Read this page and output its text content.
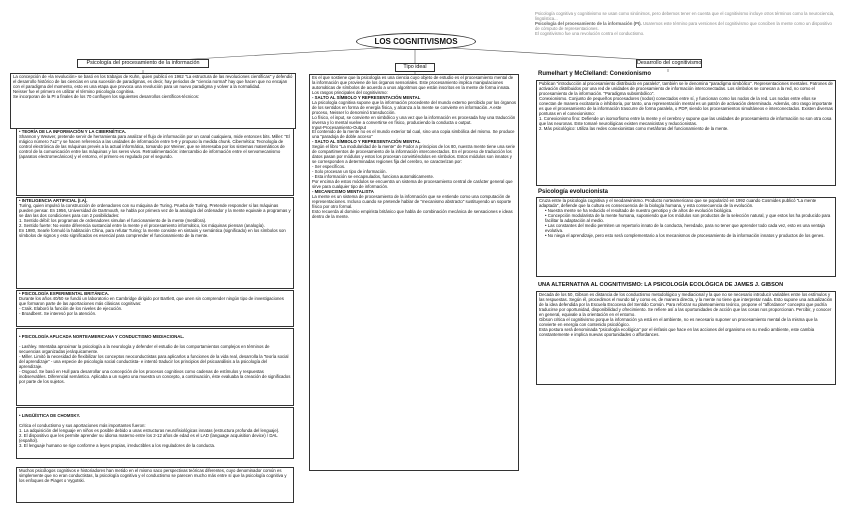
Psicología cognitiva y cognitivismo se usan como sinónimos, pero debemos tener en cuenta que el cognitivismo incluye otros términos como la neurociencia, lingüística...

Psicología del procesamiento de la información (PI). Usaremos este término para versiones del cognitivismo que conciben la mente como un dispositivo de cómputo de representaciones.

El cognitivismo fue una revolución contra el conductismo.

LOS COGNITIVISMOS
Psicología del procesamiento de la información
Tipo ideal
Desarrollo del cognitivismo

La concepción de «la revolución» se basó en los trabajos de Kuhn, quien publicó en 1962 "La estructura de las revoluciones científicas" y defendió el desarrollo histórico de las ciencias en una sucesión de paradigmas, es decir, hay periodos de "ciencia normal" hay que hacen que no encajan con el paradigma del momento, esto es una etapa que provoca una revolución para un nuevo paradigma y volver a la normalidad.

Neisser fue el primero en utilizar el término psicología cognitiva.

Se incorporan de la PI a finales de los 70 confluyen los siguientes desarrollos científicos-técnicos:

• TEORÍA DE LA INFORMACIÓN Y LA CIBERNÉTICA.

Shannon y Weaver, pretende servir de herramienta para analizar el flujo de información por un canal cualquiera, mide entonces bits. Miller: "El mágico número 7±2" y se hacen referencia a las unidades de información entre 5-9 y propuso la medida chunk. Cibernética: Tecnología de control electrónica de las máquinas prevés a la actual informática, tomando por Weiner, que se interesaba por los sistemas matemáticos de control de la comunicación entre las máquinas y los seres vivos. Retroalimentación: intercambio de información entre el servomecanismo (aparatos electromecánicos) y el entorno, el primero es regulado por el segundo.

• INTELIGENCIA ARTIFICIAL (I.A).

Turing, quien impulsó la construcción de ordenadores con su máquina de Turing. Prueba de Turing. Pretende responder si las máquinas pueden pensar. En 1956, Universidad de Dartmouth, se habla por primera vez de la analogía del ordenador y la mente equivale a programas y se dan las dos condiciones para con 2 posibilidades:

1. Sentido débil: los programas de ordenadores simulan el funcionamiento de la mente (metáfora).

2. Sentido fuerte: No existe diferencia sustancial entre la mente y el procesamiento informático, los máquinas piensan (analogía).

En 1980, Searle formuló la habitación China, para refutar Turing: la mente consiste en sintaxis y semántica (significado) en los símbolos son símbolos de signos y esto significados es esencial para comprender el funcionamiento de la mente.

• PSICOLOGÍA EXPERIMENTAL BRITÁNICA.

Durante los años 40/50 se fundó un laboratorio en Cambridge dirigido por Bartlett, que unen sin comprender ningún tipo de investigaciones que formaron parte de las aportaciones más clásicas cognitivas:

- Craik. Elaboró la función de los niveles de ejecución.

- Broadbent. Se interesó por la atención.

• PSICOLOGÍA APLICADA NORTEAMERICANA Y CONDUCTISMO MEDIACIONAL.

- Lashley. Intentaba aproximar la psicología a la neurología y defender el estudio de los comportamientos complejos en términos de secuencias organizadas jerárquicamente.
- Miller. Limitó la necesidad de flexibilizar los conceptos neoconductistas para aplicarlos a funciones de la vida real, desarrolla la "teoría social del aprendizaje" - una especie de psicología social conductista- e intentó traducir los principios del psicoanálisis a la psicología del aprendizaje.
- Osgood. Se basó en Hull para desarrollar una concepción de los procesos cognitivos como cadenas de estímulos y respuestas inobservables. Diferencial semántico. Aplicaba a un sujeto una muestra un concepto, a continuación, éste evaluaba la creación de significados por parte de los sujetos.

• LINGÜÍSTICA DE CHOMSKY.

Critica el conductismo y sus aportaciones más importantes fueron:
1. La adquisición del lenguaje en niños es posible debido a unas estructuras neurofisiológicas innatas (estructura profunda del lenguaje).
2. El dispositivo que les permite aprender su idioma materno entre los 2-12 años de edad es el LAD (language acquisition device) / DAL (español).
3. El lenguaje humano se rige conforme a leyes propias, irreductibles a los reguladores de la conducta.

Muchos psicólogos cognitivos e historiadores han metido en el mismo saco perspectivas teóricas diferentes, cuyo denominador común es simplemente que no eran conductistas, la psicología cognitiva y el conductismo se parecen mucho más entre sí que la psicología cognitiva y los enfoques de Piaget o Vygotski.

Es el que sostiene que la psicología es una ciencia cuyo objeto de estudio es el procesamiento mental de la información que proviene de los órganos sensoriales. Este procesamiento implica manipulaciones automáticas de símbolos de acuerdo a unos algoritmos que están inscritos en la mente de forma innata.

Los rasgos principales del cognitivismo:

- SALTO AL SÍMBOLO Y REPRESENTACIÓN MENTAL

La psicología cognitiva supone que la información procedente del mundo externo percibido por los órganos de los sentidos en forma de energía física, y alcanza a la mente se convierte en información. A este proceso, Neisser lo denominó transducción.

Lo físico, el input, se convierte en simbólico y una vez que la información es procesada hay una traducción inversa y lo mental vuelve a convertirse en físico, produciendo la conducta o output.

Input-Procesamiento-Output

El contenido de la mente no es el mundo exterior tal cual, sino una copia simbólica del mismo. Se produce una "paradoja de doble acceso"

- SALTO AL SÍMBOLO Y REPRESENTACIÓN MENTAL

Según el libro "La modularidad de la mente" de Fodor a principios de los 80, nuestra mente tiene una serie de compartimentos de procesamiento de la información interconectados. En el proceso de traducción los datos pasan por módulos y estos los procesan convirtiéndolos en símbolos. Estos módulos son innatos y se corresponden a determinadas regiones fija del cerebro, se caracterizan por:

- Ser específicos.

- Solo procesan un tipo de información.

- Esta información se encapsulados, funciona automáticamente.

Por encima de estos módulos se encuentra un sistema de procesamiento central de carácter general que sirve para cualquier tipo de información.

- MECANICISMO MENTALISTA

La mente es un sistema de procesamiento de la información que se entiende como una computación de representaciones. Incluso cuando se pretende hablar de "mecanismo abstracto" sustituyendo un soporte físico por otro formal.

Esto recuerda al dominio empirista británico que habla de combinación mecánica de sensaciones e ideas dentro de la mente.

Rumelhart y McClelland: Conexionismo

Publican "introducción al procesamiento distribuido en paralelo", también se le denomina "paradigma simbólico". Representaciones mentales. Patrones de activación distribuidos por una red de unidades de procesamiento de información interconectadas. Los símbolos se conecan a la red, no como el procesamiento de la información. "Paradigma subsimbólico".

Conexionismo. Conjunto de pequeños procesadores (nodos) conectados entre sí, y funcionan como los nodos de la red. Los nodos entre ellos se conectan de manera excitatoria o inhibitoria, por tanto, una representación mental es un patrón de activación determinado. Además, otro rasgo importante es que el procesamiento de la información trascurre de forma paralela, o PDP, siendo los procesamientos simultáneos e interconectados. Existen diversas ponturas en el conexionismo:

1. Conexionismo fino: Defiende un isomorfismo entre la mente y el cerebro y supone que las unidades de procesamiento de información no son otra cosa que las neuronas. Este tomaré neurológicas existen mecanicistas y reduccionistas.

2. Más psicológico: Utiliza las redes conexionistas como metáforas del funcionamiento de la mente.

Psicología evolucionista

Cruza entre la psicología cognitiva y el neodarwinismo. Producto norteamericano que se popularizó en 1992 cuando Cosmides publicó "La mente adaptada", defiende que la cultura es consecuencia de la biología humana, y esta consecuencia de la evolución.

• Nuestra mente se ha reducido el resultado de nuestro genotipo y de años de evolución biológica.

• Concepción modularista de la mente humana, suponiendo que los módulos son productos de la selección natural, y que estos los ha producido para facilitar la adaptación al medio.

• Las constantes del medio permiten un repertorio innato de la conducta, heredado, para no tener que aprender todo cada vez, esto es una ventaja evolutiva.

• No niega el aprendizaje, pero esto será complementario a los mecanismos de procesamiento de la información innatos y productos de los genes.

UNA ALTERNATIVA AL COGNITIVISMO: LA PSICOLOGÍA ECOLÓGICA DE JAMES J. GIBSON

Decada de los 50, Gibson es distancia de los conductismo metodológico y mediacional y la que no se necesario introducir variables entre los estímulos y las respuestas. Según él, procedimos el mundo tal y como es, de manera directa, y la mente no tiene que interpretar nada. Esto supone una actualización de la idea defendida por la Escuela Escocesa del Sentido Común. Para reforzar su planteamiento teórico, propone el "affordance" concepto que podría traducirse por oportunidad, disponibilidad y ofrecimiento. Se refiere así a las oportunidades de acción que las cosas nos proporcionan. Percibir, y conocer en general, equivale a la orientación en el entorno.

Gibson critica el cognitivismo porque la información ya está en el ambiente, no es necesario suponer un procesamiento mental de la misma que la convierte en energía con contenido psicológico.

Esta postura será denominada "psicología ecológica" por el énfasis que hace en las acciones del organismo en su medio ambiente, este cambia constantemente e implica nuevas oportunidades o affordances.
